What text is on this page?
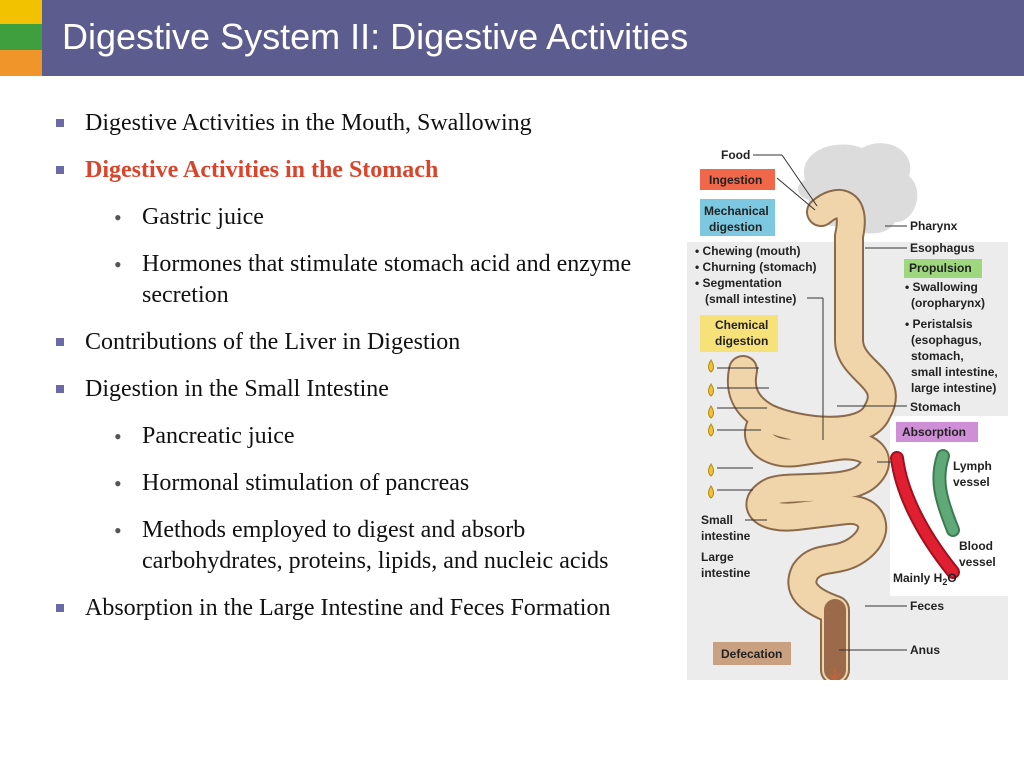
Digestive System II: Digestive Activities
Digestive Activities in the Mouth, Swallowing
Digestive Activities in the Stomach
• Gastric juice
• Hormones that stimulate stomach acid and enzyme secretion
Contributions of the Liver in Digestion
Digestion in the Small Intestine
• Pancreatic juice
• Hormonal stimulation of pancreas
• Methods employed to digest and absorb carbohydrates, proteins, lipids, and nucleic acids
Absorption in the Large Intestine and Feces Formation
Food
Ingestion
Mechanical
digestion
• Chewing (mouth)
• Churning (stomach)
• Segmentation
(small intestine)
Chemical
digestion
Pharynx
Esophagus
Propulsion
• Swallowing
(oropharynx)
• Peristalsis
(esophagus,
stomach,
small intestine,
large intestine)
Stomach
Absorption
Lymph
vessel
Small
intestine
Large
intestine
Blood
vessel
Mainly $H_2O$
Feces
Anus
Defecation
